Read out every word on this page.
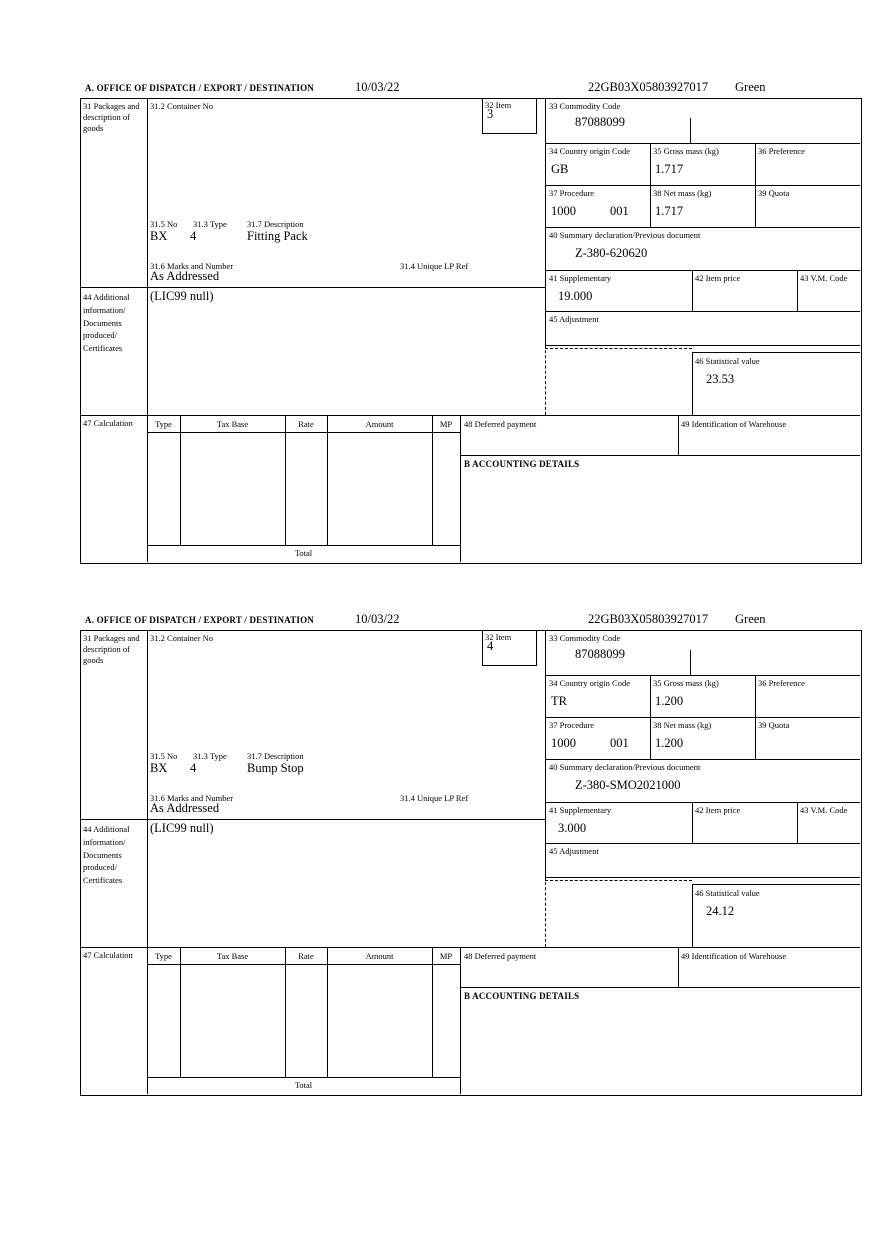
A. OFFICE OF DISPATCH / EXPORT / DESTINATION	10/03/22	22GB03X05803927017 Green
31 Packages and description of goods
44 Additional information/ Documents produced/ Certificates
47 Calculation
31.2 Container No	32 Item
3
31.5 No 31.3 Type 31.7 Description
BX 4	Fitting Pack
31.6 Marks and Number	31.4 Unique LP Ref
As Addressed
(LIC99 null)
33 Commodity Code
87088099
34 Country origin Code
GB
35 Gross mass (kg)
1.717
36 Preference
37 Procedure
1000	001
38 Net mass (kg)
1.717
39 Quota
40 Summary declaration/Previous document
Z-380-620620
41 Supplementary
19.000
42 Item price	43 V.M. Code
45 Adjustment
46 Statistical value
23.53
Type	Tax Base	Rate	Amount	MP
Total
48 Deferred payment	49 Identification of Warehouse
B ACCOUNTING DETAILS
A. OFFICE OF DISPATCH / EXPORT / DESTINATION	10/03/22	22GB03X05803927017 Green
31 Packages and description of goods
44 Additional information/ Documents produced/ Certificates
47 Calculation
31.2 Container No	32 Item
4
31.5 No 31.3 Type 31.7 Description
BX 4	Bump Stop
31.6 Marks and Number	31.4 Unique LP Ref
As Addressed
(LIC99 null)
33 Commodity Code
87088099
34 Country origin Code
TR
35 Gross mass (kg)
1.200
36 Preference
37 Procedure
1000	001
38 Net mass (kg)
1.200
39 Quota
40 Summary declaration/Previous document
Z-380-SMO2021000
41 Supplementary
3.000
42 Item price	43 V.M. Code
45 Adjustment
46 Statistical value
24.12
Type	Tax Base	Rate	Amount	MP
Total
48 Deferred payment	49 Identification of Warehouse
B ACCOUNTING DETAILS
